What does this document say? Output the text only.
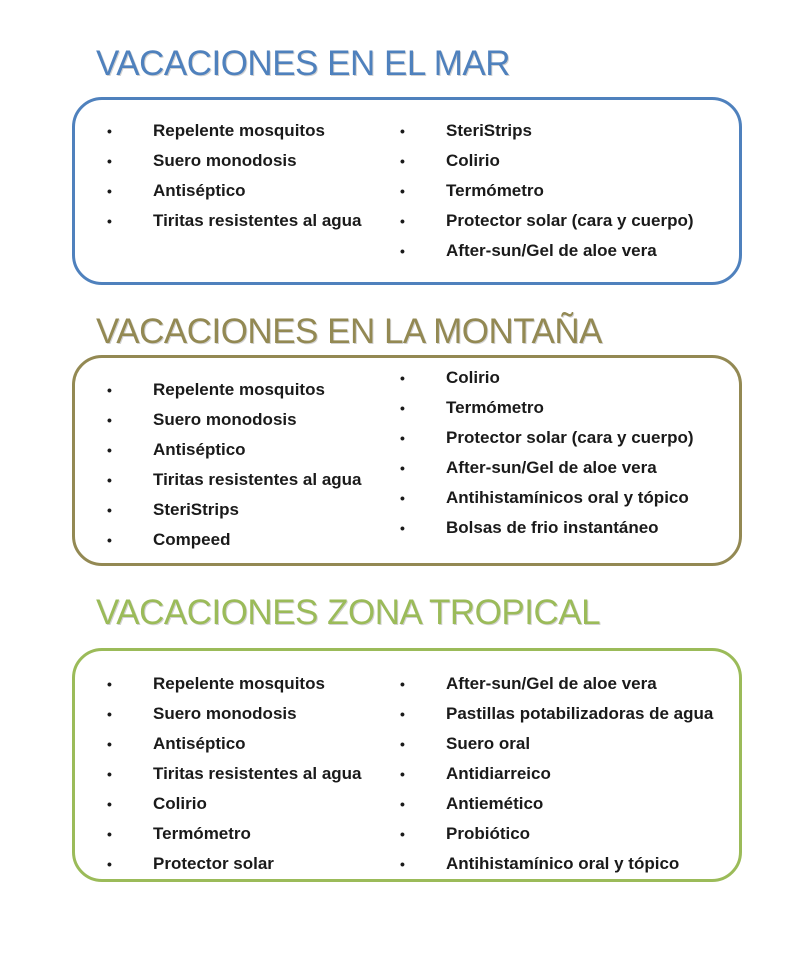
VACACIONES EN EL MAR
• Repelente mosquitos
• Suero monodosis
• Antiséptico
• Tiritas resistentes al agua
• SteriStrips
• Colirio
• Termómetro
• Protector solar (cara y cuerpo)
• After-sun/Gel de aloe vera
VACACIONES EN LA MONTAÑA
• Repelente mosquitos
• Suero monodosis
• Antiséptico
• Tiritas resistentes al agua
• SteriStrips
• Compeed
• Colirio
• Termómetro
• Protector solar (cara y cuerpo)
• After-sun/Gel de aloe vera
• Antihistamínicos oral y tópico
• Bolsas de frio instantáneo
VACACIONES ZONA TROPICAL
• Repelente mosquitos
• Suero monodosis
• Antiséptico
• Tiritas resistentes al agua
• Colirio
• Termómetro
• Protector solar
• After-sun/Gel de aloe vera
• Pastillas potabilizadoras de agua
• Suero oral
• Antidiarreico
• Antiemético
• Probiótico
• Antihistamínico oral y tópico
